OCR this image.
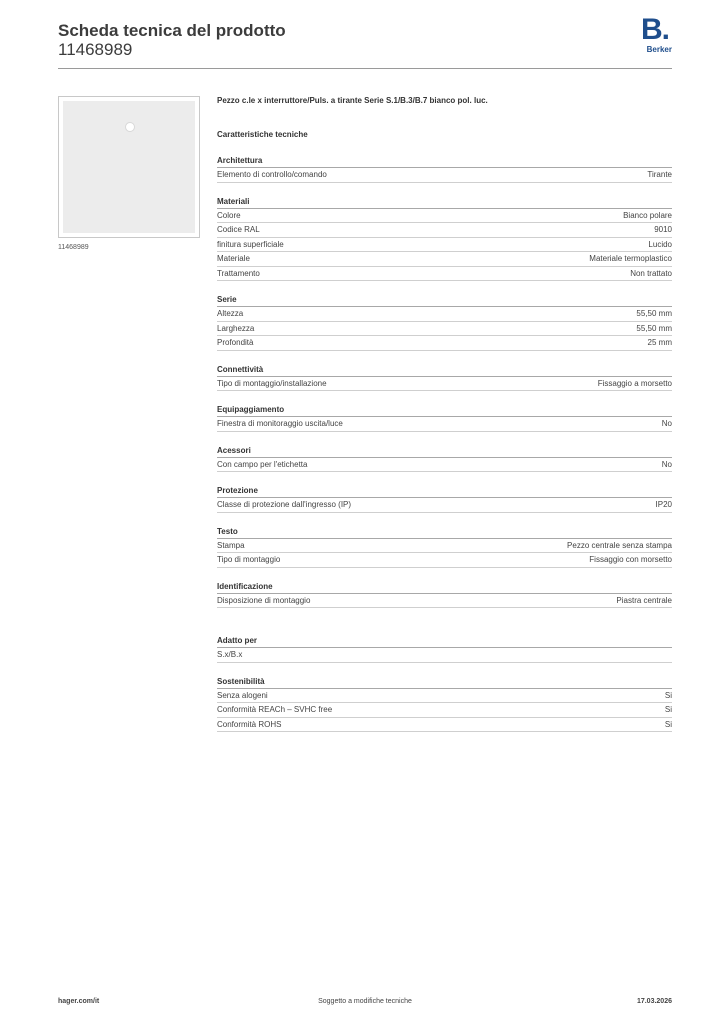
Scheda tecnica del prodotto
11468989
B.
Berker
11468989
Pezzo c.le x interruttore/Puls. a tirante Serie S.1/B.3/B.7 bianco pol. luc.
Caratteristiche tecniche
Architettura
Elemento di controllo/comando	Tirante
Materiali
Colore	Bianco polare
Codice RAL	9010
finitura superficiale	Lucido
Materiale	Materiale termoplastico
Trattamento	Non trattato
Serie
Altezza	55,50 mm
Larghezza	55,50 mm
Profondità	25 mm
Connettività
Tipo di montaggio/installazione	Fissaggio a morsetto
Equipaggiamento
Finestra di monitoraggio uscita/luce	No
Acessori
Con campo per l'etichetta	No
Protezione
Classe di protezione dall'ingresso (IP)	IP20
Testo
Stampa	Pezzo centrale senza stampa
Tipo di montaggio	Fissaggio con morsetto
Identificazione
Disposizione di montaggio	Piastra centrale
Adatto per
S.x/B.x
Sostenibilità
Senza alogeni	Si
Conformità REACh – SVHC free	Si
Conformità ROHS	Si
hager.com/it	Soggetto a modifiche tecniche	17.03.2026
